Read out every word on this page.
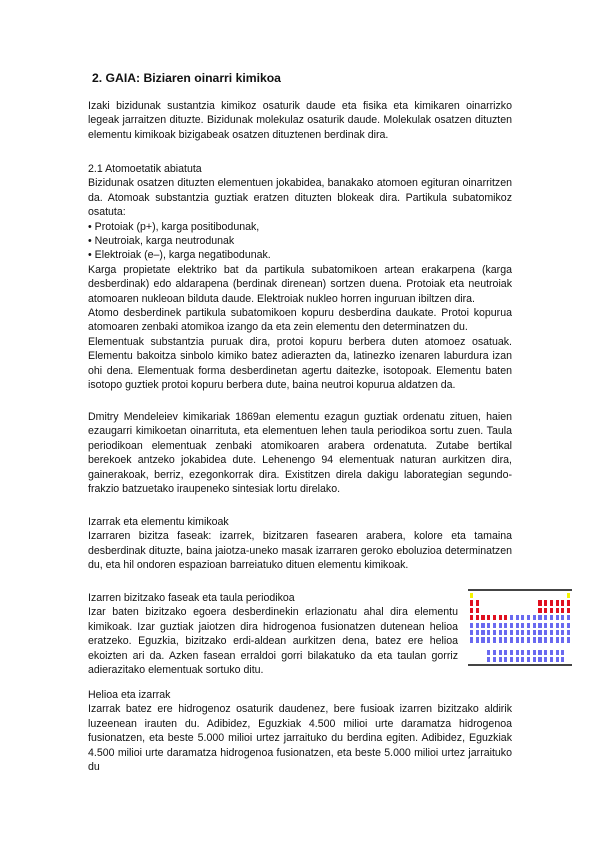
2. GAIA: Biziaren oinarri kimikoa

Izaki bizidunak sustantzia kimikoz osaturik daude eta fisika eta kimikaren oinarrizko legeak jarraitzen dituzte. Bizidunak molekulaz osaturik daude. Molekulak osatzen dituzten elementu kimikoak bizigabeak osatzen dituztenen berdinak dira.

2.1 Atomoetatik abiatuta

Bizidunak osatzen dituzten elementuen jokabidea, banakako atomoen egituran oinarritzen da. Atomoak substantzia guztiak eratzen dituzten blokeak dira. Partikula subatomikoz osatuta:

• Protoiak (p+), karga positibodunak,

• Neutroiak, karga neutrodunak

• Elektroiak (e–), karga negatibodunak.

Karga propietate elektriko bat da partikula subatomikoen artean erakarpena (karga desberdinak) edo aldarapena (berdinak direnean) sortzen duena. Protoiak eta neutroiak atomoaren nukleoan bilduta daude. Elektroiak nukleo horren inguruan ibiltzen dira.

Atomo desberdinek partikula subatomikoen kopuru desberdina daukate. Protoi kopurua atomoaren zenbaki atomikoa izango da eta zein elementu den determinatzen du.

Elementuak substantzia puruak dira, protoi kopuru berbera duten atomoez osatuak. Elementu bakoitza sinbolo kimiko batez adierazten da, latinezko izenaren laburdura izan ohi dena. Elementuak forma desberdinetan agertu daitezke, isotopoak. Elementu baten isotopo guztiek protoi kopuru berbera dute, baina neutroi kopurua aldatzen da.

Dmitry Mendeleiev kimikariak 1869an elementu ezagun guztiak ordenatu zituen, haien ezaugarri kimikoetan oinarrituta, eta elementuen lehen taula periodikoa sortu zuen. Taula periodikoan elementuak zenbaki atomikoaren arabera ordenatuta. Zutabe bertikal berekoek antzeko jokabidea dute. Lehenengo 94 elementuak naturan aurkitzen dira, gainerakoak, berriz, ezegonkorrak dira. Existitzen direla dakigu laborategian segundo-frakzio batzuetako iraupeneko sintesiak lortu direlako.

Izarrak eta elementu kimikoak

Izarraren bizitza faseak: izarrek, bizitzaren fasearen arabera, kolore eta tamaina desberdinak dituzte, baina jaiotza-uneko masak izarraren geroko eboluzioa determinatzen du, eta hil ondoren espazioan barreiatuko dituen elementu kimikoak.

Izarren bizitzako faseak eta taula periodikoa

Izar baten bizitzako egoera desberdinekin erlazionatu ahal dira elementu kimikoak. Izar guztiak jaiotzen dira hidrogenoa fusionatzen dutenean helioa eratzeko. Eguzkia, bizitzako erdi-aldean aurkitzen dena, batez ere helioa ekoizten ari da. Azken fasean erraldoi gorri bilakatuko da eta taulan gorriz adierazitako elementuak sortuko ditu.

Helioa eta izarrak

Izarrak batez ere hidrogenoz osaturik daudenez, bere fusioak izarren bizitzako aldirik luzeenean irauten du. Adibidez, Eguzkiak 4.500 milioi urte daramatza hidrogenoa fusionatzen, eta beste 5.000 milioi urtez jarraituko du berdina egiten. Adibidez, Eguzkiak 4.500 milioi urte daramatza hidrogenoa fusionatzen, eta beste 5.000 milioi urtez jarraituko du
